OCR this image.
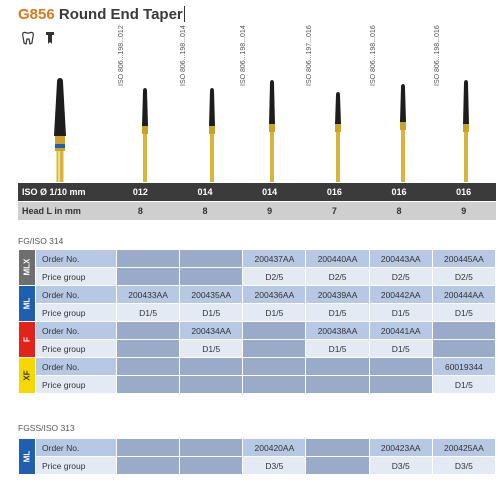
G856 Round End Taper
ISO 806...198...012	ISO 806...198...014	ISO 806...198...014	ISO 806...197...016	ISO 806...198...016	ISO 806...198...016
ISO Ø 1/10 mm	012	014	014	016	016	016
Head L in mm	8	8	9	7	8	9
FG/ISO 314
MLX	Order No.			200437AA	200440AA	200443AA	200445AA
	Price group			D2/5	D2/5	D2/5	D2/5

ML	Order No.	200433AA	200435AA	200436AA	200439AA	200442AA	200444AA
	Price group	D1/5	D1/5	D1/5	D1/5	D1/5	D1/5

F	Order No.		200434AA		200438AA	200441AA	
	Price group		D1/5		D1/5	D1/5	

XF	Order No.						60019344
	Price group						D1/5
FGSS/ISO 313
ML	Order No.			200420AA		200423AA	200425AA
	Price group			D3/5		D3/5	D3/5
